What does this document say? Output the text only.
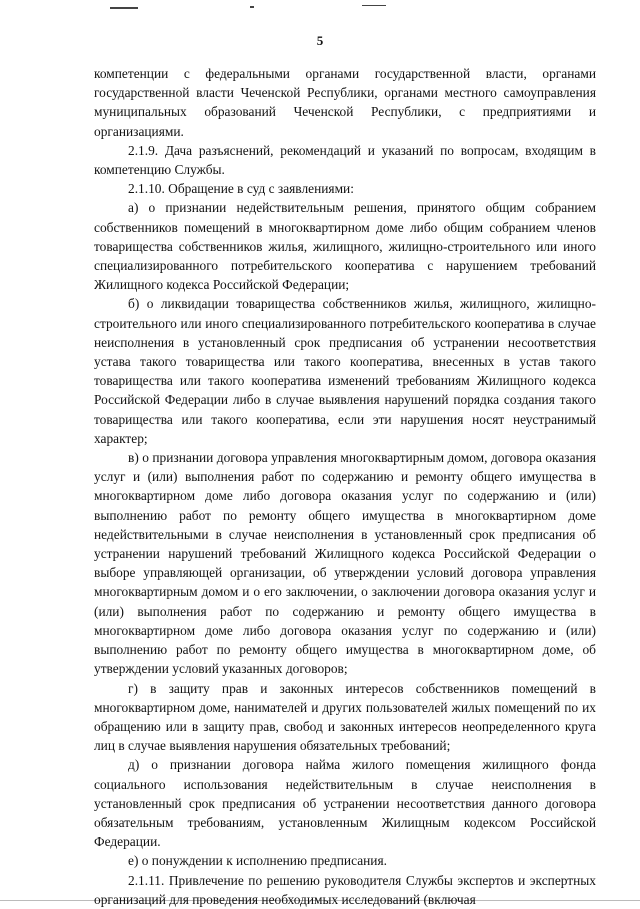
5

компетенции с федеральными органами государственной власти, органами государственной власти Чеченской Республики, органами местного самоуправления муниципальных образований Чеченской Республики, с предприятиями и организациями.

2.1.9. Дача разъяснений, рекомендаций и указаний по вопросам, входящим в компетенцию Службы.

2.1.10. Обращение в суд с заявлениями:

а) о признании недействительным решения, принятого общим собранием собственников помещений в многоквартирном доме либо общим собранием членов товарищества собственников жилья, жилищного, жилищно-строительного или иного специализированного потребительского кооператива с нарушением требований Жилищного кодекса Российской Федерации;

б) о ликвидации товарищества собственников жилья, жилищного, жилищно-строительного или иного специализированного потребительского кооператива в случае неисполнения в установленный срок предписания об устранении несоответствия устава такого товарищества или такого кооператива, внесенных в устав такого товарищества или такого кооператива изменений требованиям Жилищного кодекса Российской Федерации либо в случае выявления нарушений порядка создания такого товарищества или такого кооператива, если эти нарушения носят неустранимый характер;

в) о признании договора управления многоквартирным домом, договора оказания услуг и (или) выполнения работ по содержанию и ремонту общего имущества в многоквартирном доме либо договора оказания услуг по содержанию и (или) выполнению работ по ремонту общего имущества в многоквартирном доме недействительными в случае неисполнения в установленный срок предписания об устранении нарушений требований Жилищного кодекса Российской Федерации о выборе управляющей организации, об утверждении условий договора управления многоквартирным домом и о его заключении, о заключении договора оказания услуг и (или) выполнения работ по содержанию и ремонту общего имущества в многоквартирном доме либо договора оказания услуг по содержанию и (или) выполнению работ по ремонту общего имущества в многоквартирном доме, об утверждении условий указанных договоров;

г) в защиту прав и законных интересов собственников помещений в многоквартирном доме, нанимателей и других пользователей жилых помещений по их обращению или в защиту прав, свобод и законных интересов неопределенного круга лиц в случае выявления нарушения обязательных требований;

д) о признании договора найма жилого помещения жилищного фонда социального использования недействительным в случае неисполнения в установленный срок предписания об устранении несоответствия данного договора обязательным требованиям, установленным Жилищным кодексом Российской Федерации.

е) о понуждении к исполнению предписания.

2.1.11. Привлечение по решению руководителя Службы экспертов и экспертных организаций для проведения необходимых исследований (включая
